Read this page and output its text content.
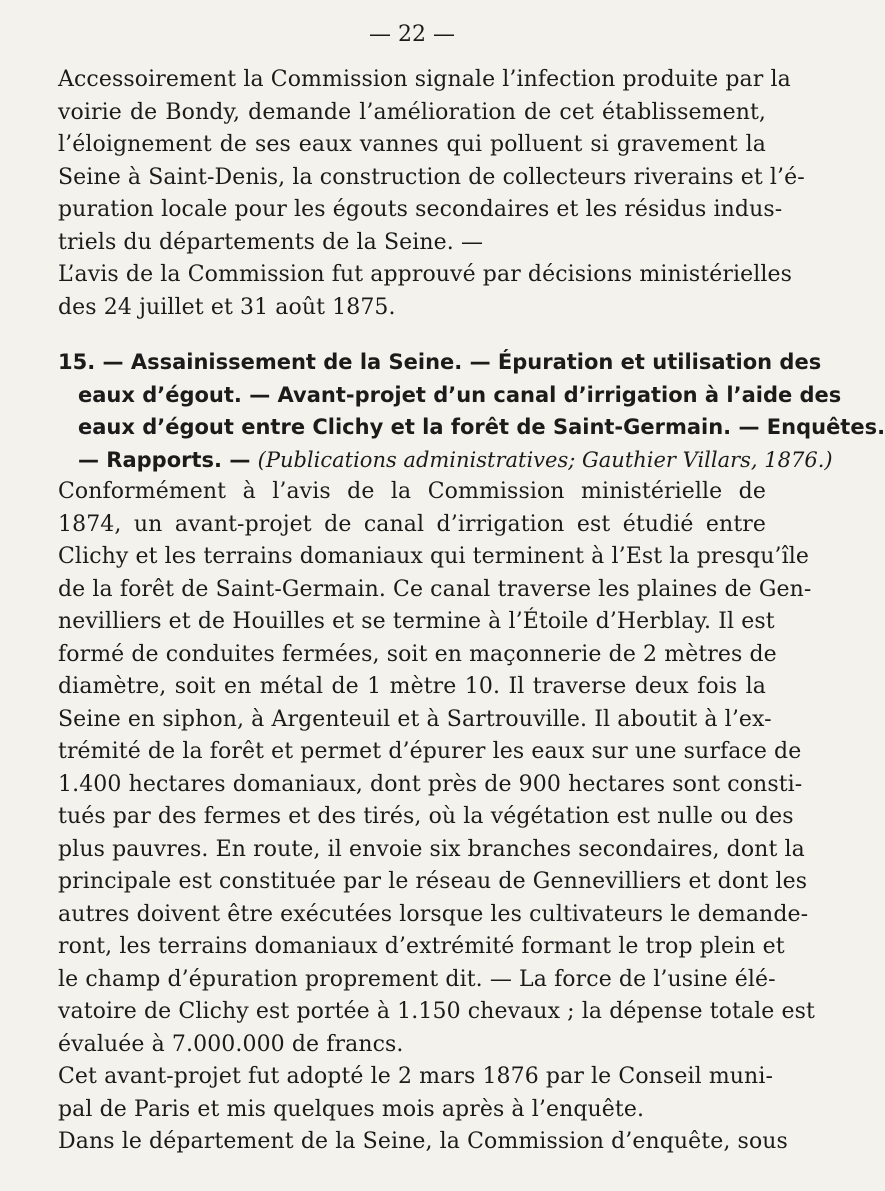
— 22 —
Accessoirement la Commission signale l’infection produite par la
voirie de Bondy, demande l’amélioration de cet établissement,
l’éloignement de ses eaux vannes qui polluent si gravement la
Seine à Saint-Denis, la construction de collecteurs riverains et l’é-
puration locale pour les égouts secondaires et les résidus indus-
triels du départements de la Seine. —
L’avis de la Commission fut approuvé par décisions ministérielles
des 24 juillet et 31 août 1875.
15. — Assainissement de la Seine. — Épuration et utilisation des
eaux d’égout. — Avant-projet d’un canal d’irrigation à l’aide des
eaux d’égout entre Clichy et la forêt de Saint-Germain. — Enquêtes.
— Rapports. — (Publications administratives; Gauthier Villars, 1876.)
Conformément à l’avis de la Commission ministérielle de
1874, un avant-projet de canal d’irrigation est étudié entre
Clichy et les terrains domaniaux qui terminent à l’Est la presqu’île
de la forêt de Saint-Germain. Ce canal traverse les plaines de Gen-
nevilliers et de Houilles et se termine à l’Étoile d’Herblay. Il est
formé de conduites fermées, soit en maçonnerie de 2 mètres de
diamètre, soit en métal de 1 mètre 10. Il traverse deux fois la
Seine en siphon, à Argenteuil et à Sartrouville. Il aboutit à l’ex-
trémité de la forêt et permet d’épurer les eaux sur une surface de
1.400 hectares domaniaux, dont près de 900 hectares sont consti-
tués par des fermes et des tirés, où la végétation est nulle ou des
plus pauvres. En route, il envoie six branches secondaires, dont la
principale est constituée par le réseau de Gennevilliers et dont les
autres doivent être exécutées lorsque les cultivateurs le demande-
ront, les terrains domaniaux d’extrémité formant le trop plein et
le champ d’épuration proprement dit. — La force de l’usine élé-
vatoire de Clichy est portée à 1.150 chevaux ; la dépense totale est
évaluée à 7.000.000 de francs.
Cet avant-projet fut adopté le 2 mars 1876 par le Conseil muni-
pal de Paris et mis quelques mois après à l’enquête.
Dans le département de la Seine, la Commission d’enquête, sous
